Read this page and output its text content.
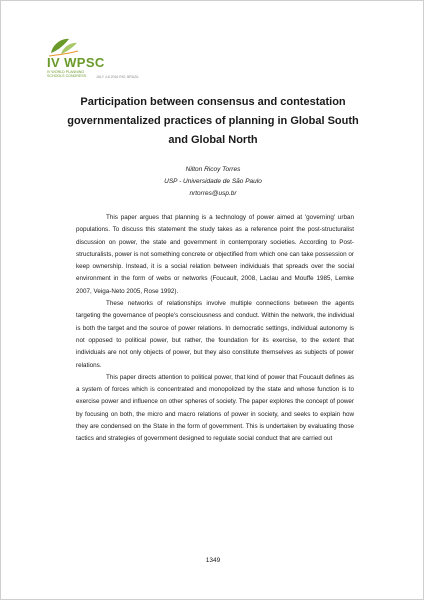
IV WPSC
IV WORLD PLANNING SCHOOLS CONGRESS	JULY 4-8 2016 RIO, BRAZIL
Participation between consensus and contestation governmentalized practices of planning in Global South and Global North
Nilton Ricoy Torres
USP - Universidade de São Paulo
nrtorres@usp.br

This paper argues that planning is a technology of power aimed at 'governing' urban populations. To discuss this statement the study takes as a reference point the post-structuralist discussion on power, the state and government in contemporary societies. According to Post-structuralists, power is not something concrete or objectified from which one can take possession or keep ownership. Instead, it is a social relation between individuals that spreads over the social environment in the form of webs or networks (Foucault, 2008, Laclau and Mouffe 1985, Lemke 2007, Veiga-Neto 2005, Rose 1992).

These networks of relationships involve multiple connections between the agents targeting the governance of people's consciousness and conduct. Within the network, the individual is both the target and the source of power relations. In democratic settings, individual autonomy is not opposed to political power, but rather, the foundation for its exercise, to the extent that individuals are not only objects of power, but they also constitute themselves as subjects of power relations.

This paper directs attention to political power, that kind of power that Foucault defines as a system of forces which is concentrated and monopolized by the state and whose function is to exercise power and influence on other spheres of society. The paper explores the concept of power by focusing on both, the micro and macro relations of power in society, and seeks to explain how they are condensed on the State in the form of government. This is undertaken by evaluating those tactics and strategies of government designed to regulate social conduct that are carried out

1349
